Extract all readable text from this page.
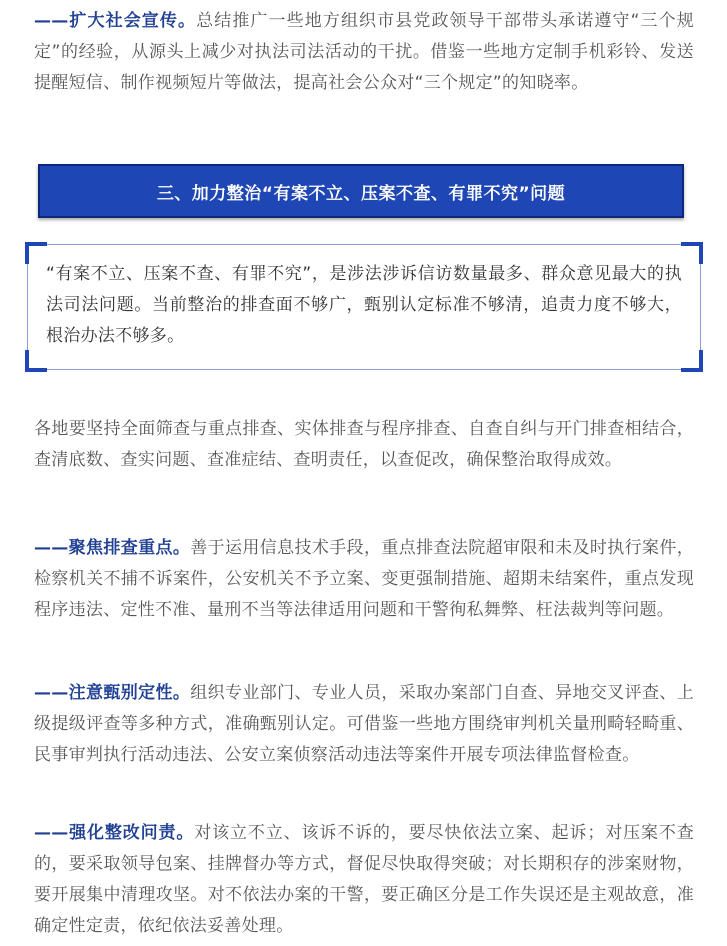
——扩大社会宣传。总结推广一些地方组织市县党政领导干部带头承诺遵守“三个规定”的经验，从源头上减少对执法司法活动的干扰。借鉴一些地方定制手机彩铃、发送提醒短信、制作视频短片等做法，提高社会公众对“三个规定”的知晓率。
三、加力整治“有案不立、压案不查、有罪不究”问题
“有案不立、压案不查、有罪不究”，是涉法涉诉信访数量最多、群众意见最大的执法司法问题。当前整治的排查面不够广，甄别认定标准不够清，追责力度不够大，根治办法不够多。
各地要坚持全面筛查与重点排查、实体排查与程序排查、自查自纠与开门排查相结合，查清底数、查实问题、查准症结、查明责任，以查促改，确保整治取得成效。
——聚焦排查重点。善于运用信息技术手段，重点排查法院超审限和未及时执行案件，检察机关不捕不诉案件，公安机关不予立案、变更强制措施、超期未结案件，重点发现程序违法、定性不准、量刑不当等法律适用问题和干警徇私舞弊、枉法裁判等问题。
——注意甄别定性。组织专业部门、专业人员，采取办案部门自查、异地交叉评查、上级提级评查等多种方式，准确甄别认定。可借鉴一些地方围绕审判机关量刑畸轻畸重、民事审判执行活动违法、公安立案侦察活动违法等案件开展专项法律监督检查。
——强化整改问责。对该立不立、该诉不诉的，要尽快依法立案、起诉；对压案不查的，要采取领导包案、挂牌督办等方式，督促尽快取得突破；对长期积存的涉案财物，要开展集中清理攻坚。对不依法办案的干警，要正确区分是工作失误还是主观故意，准确定性定责，依纪依法妥善处理。
